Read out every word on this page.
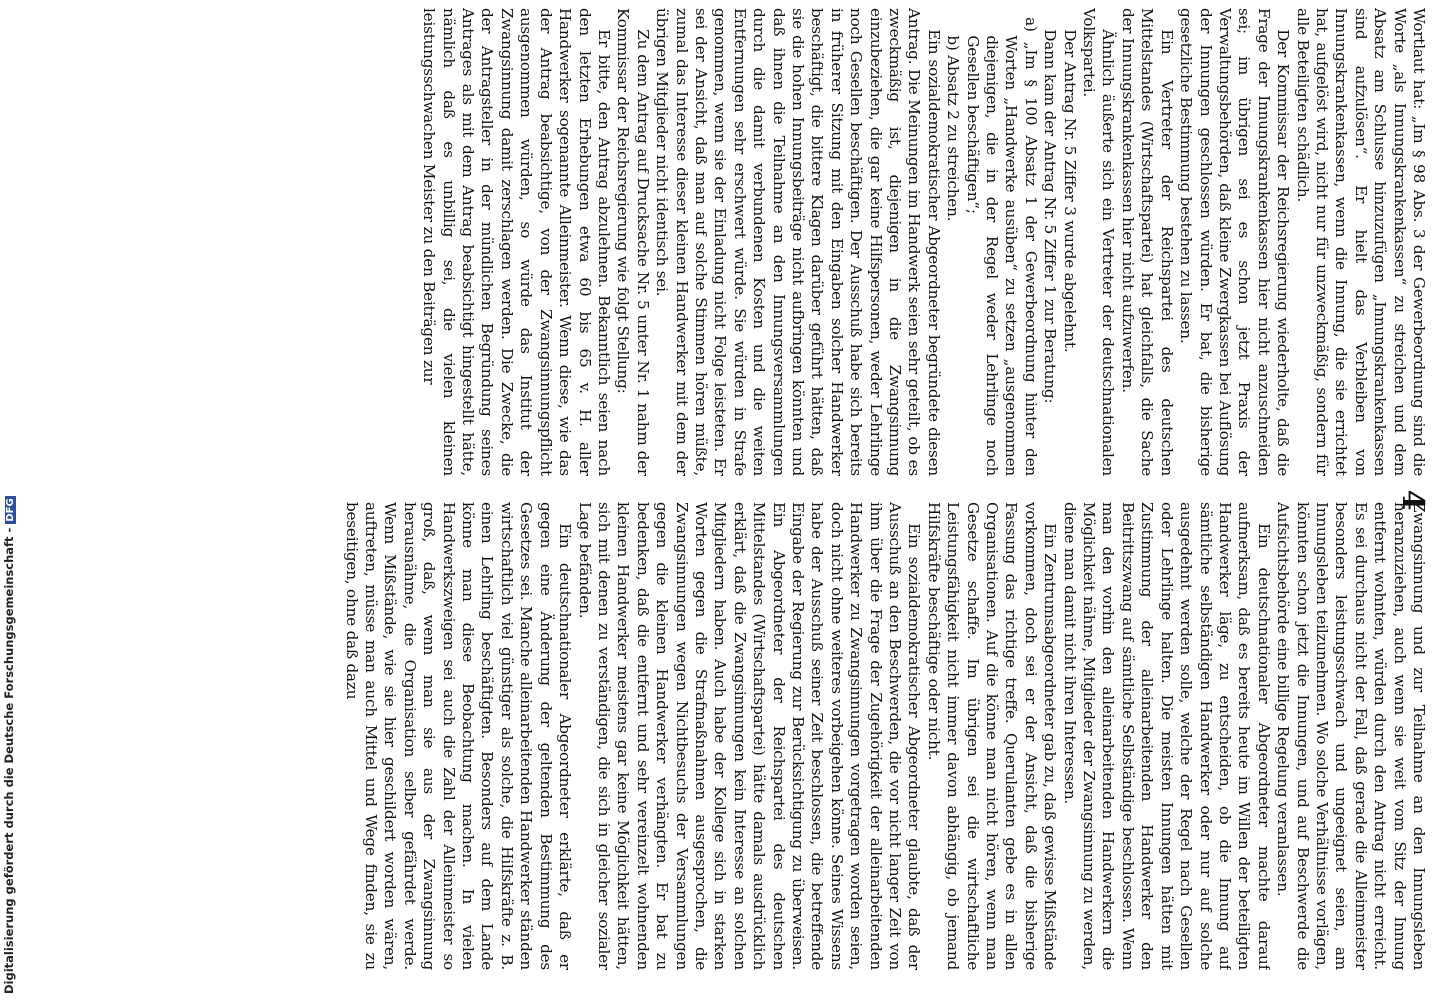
4

Wortlaut hat: „Im § 98 Abs. 3 der Gewerbeordnung sind die Worte „als Innungskrankenkassen“ zu streichen und dem Absatz am Schlusse hinzuzufügen „Innungskrankenkassen sind aufzulösen“. Er hielt das Verbleiben von Innungskrankenkassen, wenn die Innung, die sie errichtet hat, aufgelöst wird, nicht nur für unzweckmäßig, sondern für alle Beteiligten schädlich.

Der Kommissar der Reichsregierung wiederholte, daß die Frage der Innungskrankenkassen hier nicht anzuschneiden sei; im übrigen sei es schon jetzt Praxis der Verwaltungsbehörden, daß kleine Zwergkassen bei Auflösung der Innungen geschlossen würden. Er bat, die bisherige gesetzliche Bestimmung bestehen zu lassen.

Ein Vertreter der Reichspartei des deutschen Mittelstandes (Wirtschaftspartei) hat gleichfalls, die Sache der Innungskrankenkassen hier nicht aufzuwerfen.

Ähnlich äußerte sich ein Vertreter der deutschnationalen Volkspartei.

Der Antrag Nr. 5 Ziffer 3 wurde abgelehnt.

Dann kam der Antrag Nr. 5 Ziffer 1 zur Beratung:

a) „Im § 100 Absatz 1 der Gewerbeordnung hinter den Worten „Handwerke ausüben“ zu setzen „ausgenommen diejenigen, die in der Regel weder Lehrlinge noch Gesellen beschäftigen“;

b) Absatz 2 zu streichen.

Ein sozialdemokratischer Abgeordneter begründete diesen Antrag. Die Meinungen im Handwerk seien sehr geteilt, ob es zweckmäßig ist, diejenigen in die Zwangsinnung einzubeziehen, die gar keine Hilfspersonen, weder Lehrlinge noch Gesellen beschäftigen. Der Ausschuß habe sich bereits in früherer Sitzung mit den Eingaben solcher Handwerker beschäftigt, die bittere Klagen darüber geführt hätten, daß sie die hohen Innungsbeiträge nicht aufbringen könnten und daß ihnen die Teilnahme an den Innungsversammlungen durch die damit verbundenen Kosten und die weiten Entfernungen sehr erschwert würde. Sie würden in Strafe genommen, wenn sie der Einladung nicht Folge leisteten. Er sei der Ansicht, daß man auf solche Stimmen hören müßte, zumal das Interesse dieser kleinen Handwerker mit dem der übrigen Mitglieder nicht identisch sei.

Zu dem Antrag auf Drucksache Nr. 5 unter Nr. 1 nahm der Kommissar der Reichsregierung wie folgt Stellung:

Er bitte, den Antrag abzulehnen. Bekanntlich seien nach den letzten Erhebungen etwa 60 bis 65 v. H. aller Handwerker sogenannte Alleinmeister. Wenn diese, wie das der Antrag beabsichtige, von der Zwangsinnungspflicht ausgenommen würden, so würde das Institut der Zwangsinnung damit zerschlagen werden. Die Zwecke, die der Antragsteller in der mündlichen Begründung seines Antrages als mit dem Antrag beabsichtigt hingestellt hätte, nämlich daß es unbillig sei, die vielen kleinen leistungsschwachen Meister zu den Beiträgen zur

Zwangsinnung und zur Teilnahme an den Innungsleben heranzuziehen, auch wenn sie weit vom Sitz der Innung entfernt wohnten, würden durch den Antrag nicht erreicht. Es sei durchaus nicht der Fall, daß gerade die Alleinmeister besonders leistungsschwach und ungeeignet seien, am Innungsleben teilzunehmen. Wo solche Verhältnisse vorlägen, könnten schon jetzt die Innungen, und auf Beschwerde die Aufsichtsbehörde eine billige Regelung veranlassen.

Ein deutschnationaler Abgeordneter machte darauf aufmerksam, daß es bereits heute im Willen der beteiligten Handwerker läge, zu entscheiden, ob die Innung auf sämtliche selbständigen Handwerker oder nur auf solche ausgedehnt werden solle, welche der Regel nach Gesellen oder Lehrlinge halten. Die meisten Innungen hätten mit Zustimmung der alleinarbeitenden Handwerker den Beitrittszwang auf sämtliche Selbständige beschlossen. Wenn man den vorhin den alleinarbeitenden Handwerkern die Möglichkeit nähme, Mitglieder der Zwangsinnung zu werden, diene man damit nicht ihren Interessen.

Ein Zentrumsabgeordneter gab zu, daß gewisse Mißstände vorkommen, doch sei er der Ansicht, daß die bisherige Fassung das richtige treffe. Querulanten gebe es in allen Organisationen. Auf die könne man nicht hören, wenn man Gesetze schaffe. Im übrigen sei die wirtschaftliche Leistungsfähigkeit nicht immer davon abhängig, ob jemand Hilfskräfte beschäftige oder nicht.

Ein sozialdemokratischer Abgeordneter glaubte, daß der Ausschuß an den Beschwerden, die vor nicht langer Zeit von ihm über die Frage der Zugehörigkeit der alleinarbeitenden Handwerker zu Zwangsinnungen vorgetragen worden seien, doch nicht ohne weiteres vorbeigehen könne. Seines Wissens habe der Ausschuß seiner Zeit beschlossen, die betreffende Eingabe der Regierung zur Berücksichtigung zu überweisen. Ein Abgeordneter der Reichspartei des deutschen Mittelstandes (Wirtschaftspartei) hätte damals ausdrücklich erklärt, daß die Zwangsinnungen kein Interesse an solchen Mitgliedern haben. Auch habe der Kollege sich in starken Worten gegen die Strafmaßnahmen ausgesprochen, die Zwangsinnungen wegen Nichtbesuchs der Versammlungen gegen die kleinen Handwerker verhängten. Er bat zu bedenken, daß die entfernt und sehr vereinzelt wohnenden kleinen Handwerker meistens gar keine Möglichkeit hätten, sich mit denen zu verständigen, die sich in gleicher sozialer Lage befänden.

Ein deutschnationaler Abgeordneter erklärte, daß er gegen eine Änderung der geltenden Bestimmung des Gesetzes sei. Manche alleinarbeitenden Handwerker ständen wirtschaftlich viel günstiger als solche, die Hilfskräfte z. B. einen Lehrling beschäftigten. Besonders auf dem Lande könne man diese Beobachtung machen. In vielen Handwerkszweigen sei auch die Zahl der Alleinmeister so groß, daß, wenn man sie aus der Zwangsinnung herausnähme, die Organisation selber gefährdet werde. Wenn Mißstände, wie sie hier geschildert worden wären, auftreten, müsse man auch Mittel und Wege finden, sie zu beseitigen, ohne daß dazu

Digitalisierung gefördert durch die Deutsche Forschungsgemeinschaft -DFG
